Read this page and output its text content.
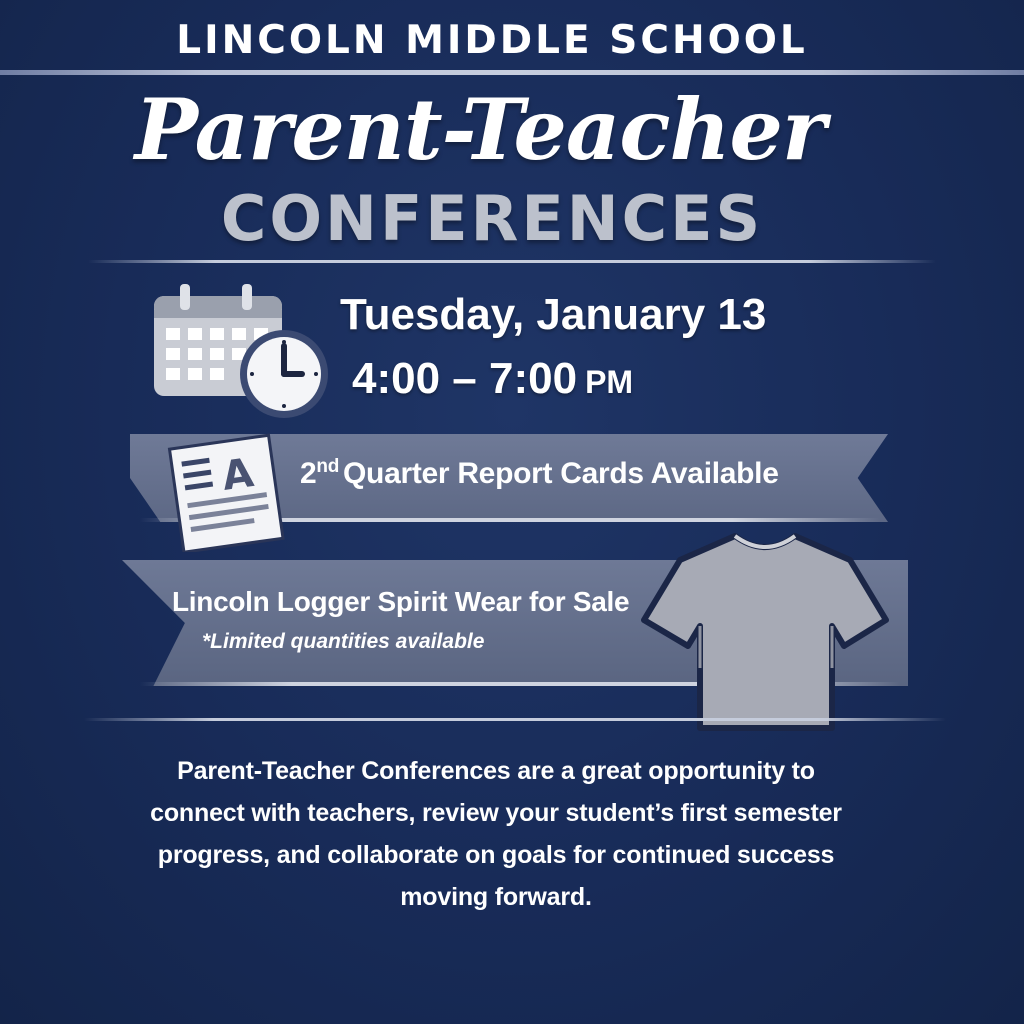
LINCOLN MIDDLE SCHOOL
Parent-Teacher
CONFERENCES
Tuesday, January 13
4:00 – 7:00 PM
A 2nd Quarter Report Cards Available
Lincoln Logger Spirit Wear for Sale
*Limited quantities available
Parent-Teacher Conferences are a great opportunity to connect with teachers, review your student’s first semester progress, and collaborate on goals for continued success moving forward.
